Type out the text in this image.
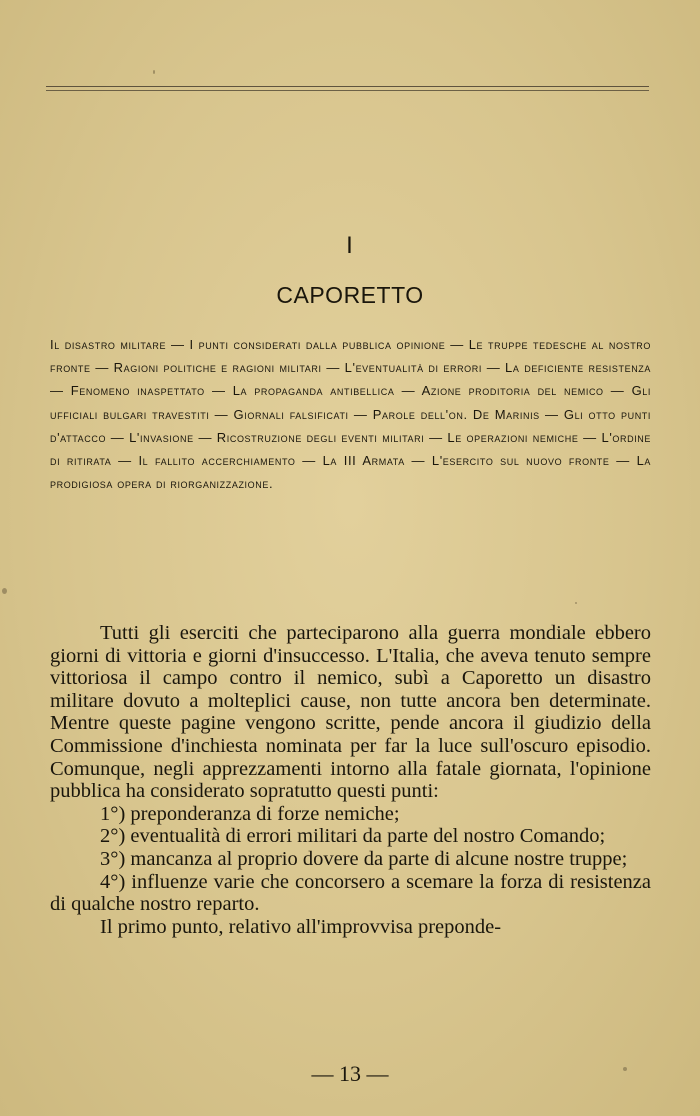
I
CAPORETTO

Il disastro militare — I punti considerati dalla pubblica opinione — Le truppe tedesche al nostro fronte — Ragioni politiche e ragioni militari — L'eventualità di errori — La deficiente resistenza — Fenomeno inaspettato — La propaganda antibellica — Azione proditoria del nemico — Gli ufficiali bulgari travestiti — Giornali falsificati — Parole dell'on. De Marinis — Gli otto punti d'attacco — L'invasione — Ricostruzione degli eventi militari — Le operazioni nemiche — L'ordine di ritirata — Il fallito accerchiamento — La III Armata — L'esercito sul nuovo fronte — La prodigiosa opera di riorganizzazione.

Tutti gli eserciti che parteciparono alla guerra mondiale ebbero giorni di vittoria e giorni d'insuccesso. L'Italia, che aveva tenuto sempre vittoriosa il campo contro il nemico, subì a Caporetto un disastro militare dovuto a molteplici cause, non tutte ancora ben determinate. Mentre queste pagine vengono scritte, pende ancora il giudizio della Commissione d'inchiesta nominata per far la luce sull'oscuro episodio. Comunque, negli apprezzamenti intorno alla fatale giornata, l'opinione pubblica ha considerato sopratutto questi punti:

1°) preponderanza di forze nemiche;

2°) eventualità di errori militari da parte del nostro Comando;

3°) mancanza al proprio dovere da parte di alcune nostre truppe;

4°) influenze varie che concorsero a scemare la forza di resistenza di qualche nostro reparto.

Il primo punto, relativo all'improvvisa preponde-

— 13 —
